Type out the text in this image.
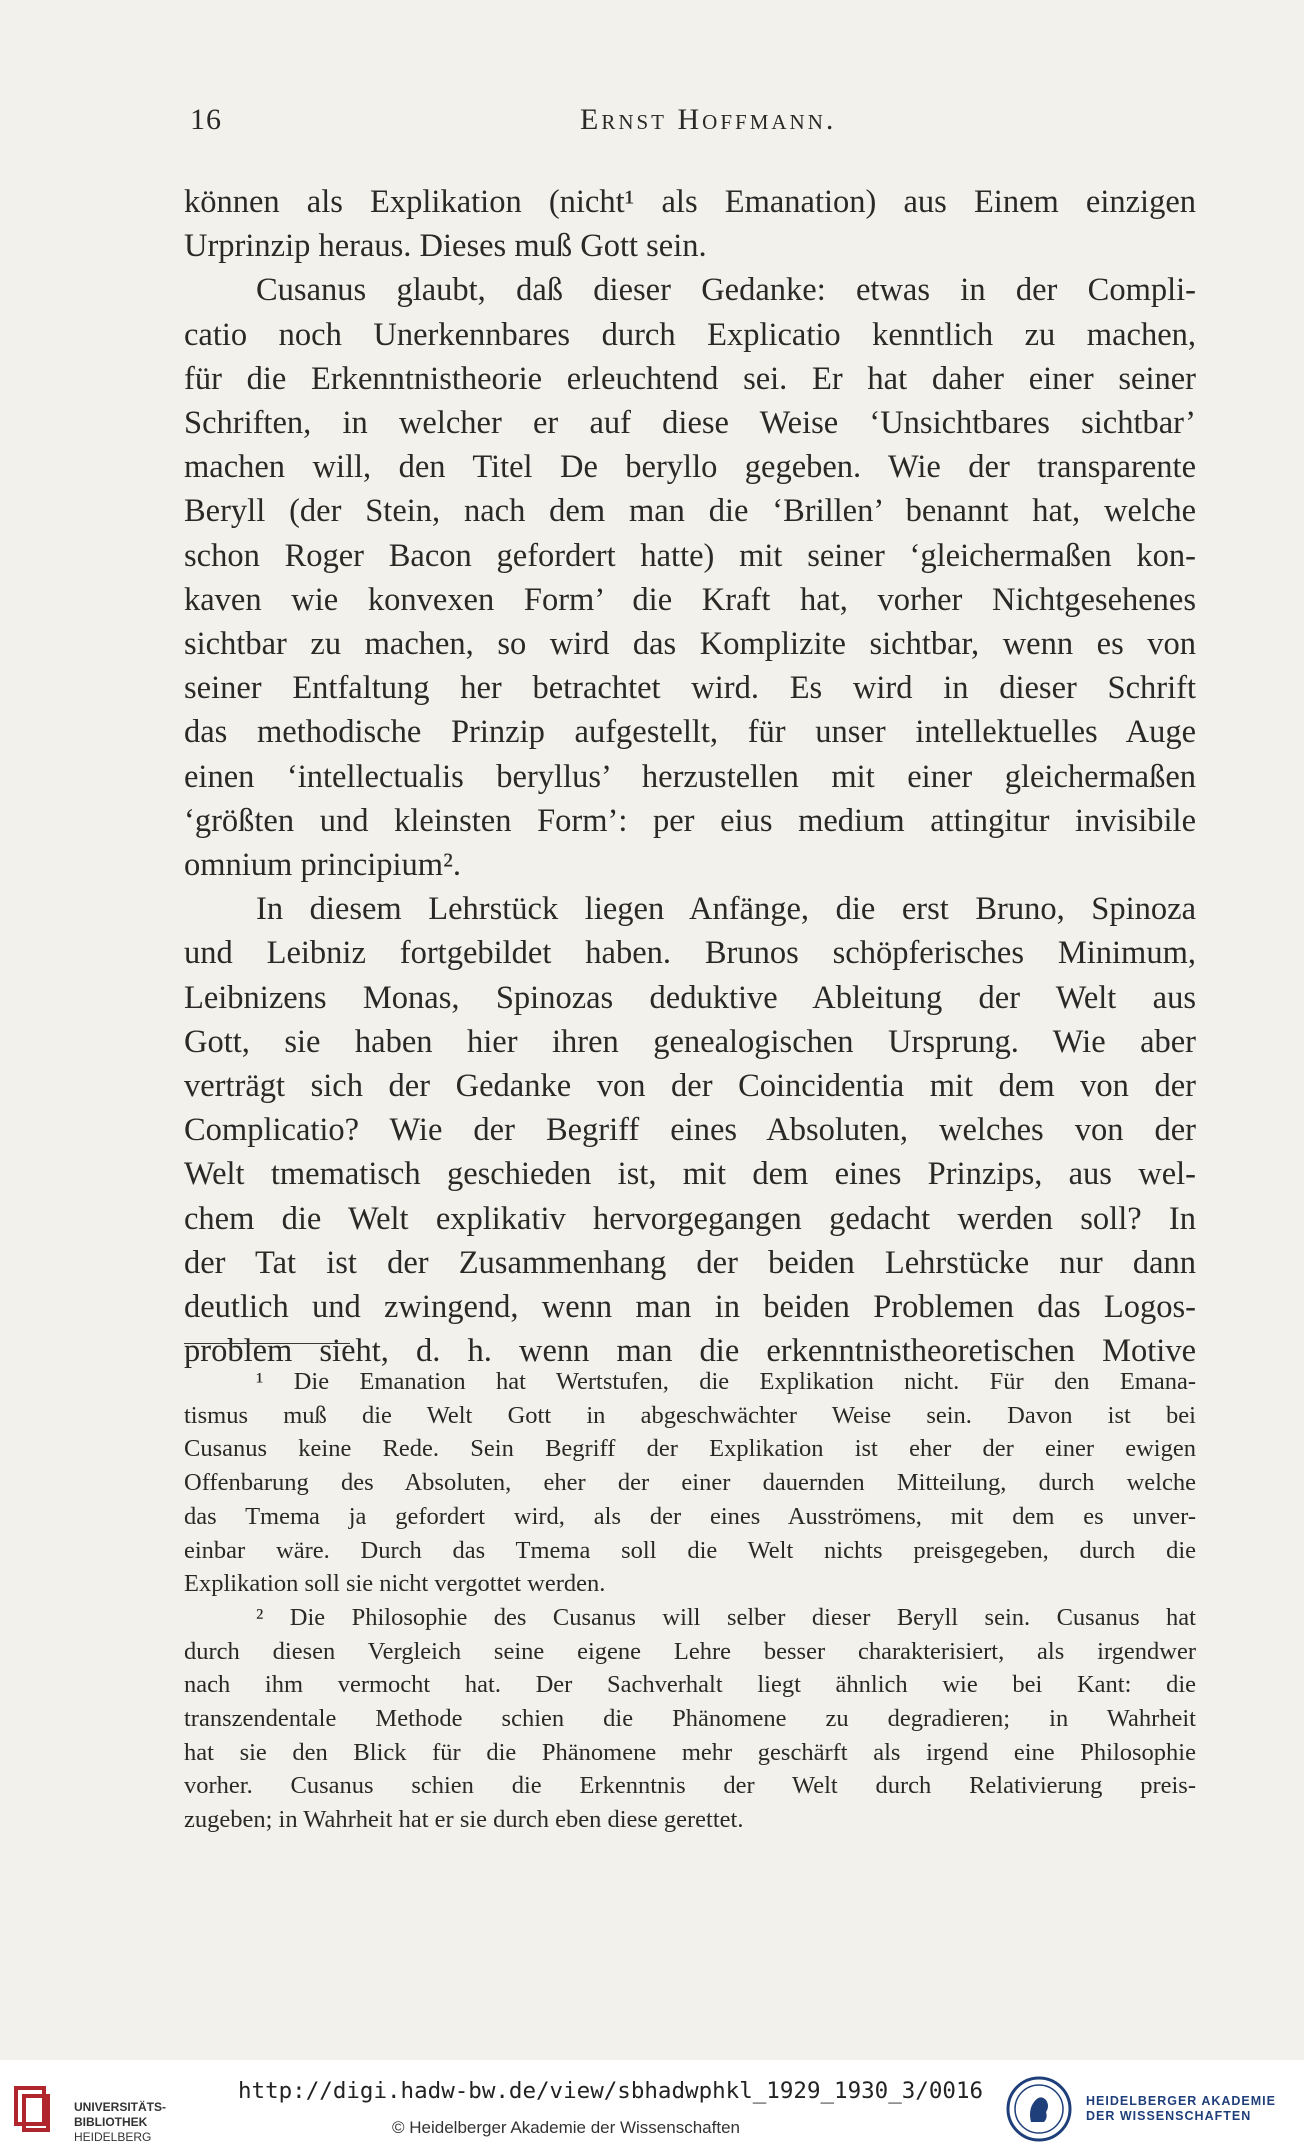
16	Ernst Hoffmann.
können als Explikation (nicht¹ als Emanation) aus Einem einzigen
Urprinzip heraus. Dieses muß Gott sein.
Cusanus glaubt, daß dieser Gedanke: etwas in der Compli-
catio noch Unerkennbares durch Explicatio kenntlich zu machen,
für die Erkenntnistheorie erleuchtend sei. Er hat daher einer seiner
Schriften, in welcher er auf diese Weise ‘Unsichtbares sichtbar’
machen will, den Titel De beryllo gegeben. Wie der transparente
Beryll (der Stein, nach dem man die ‘Brillen’ benannt hat, welche
schon Roger Bacon gefordert hatte) mit seiner ‘gleichermaßen kon-
kaven wie konvexen Form’ die Kraft hat, vorher Nichtgesehenes
sichtbar zu machen, so wird das Komplizite sichtbar, wenn es von
seiner Entfaltung her betrachtet wird. Es wird in dieser Schrift
das methodische Prinzip aufgestellt, für unser intellektuelles Auge
einen ‘intellectualis beryllus’ herzustellen mit einer gleichermaßen
‘größten und kleinsten Form’: per eius medium attingitur invisibile
omnium principium².
In diesem Lehrstück liegen Anfänge, die erst Bruno, Spinoza
und Leibniz fortgebildet haben. Brunos schöpferisches Minimum,
Leibnizens Monas, Spinozas deduktive Ableitung der Welt aus
Gott, sie haben hier ihren genealogischen Ursprung. Wie aber
verträgt sich der Gedanke von der Coincidentia mit dem von der
Complicatio? Wie der Begriff eines Absoluten, welches von der
Welt tmematisch geschieden ist, mit dem eines Prinzips, aus wel-
chem die Welt explikativ hervorgegangen gedacht werden soll? In
der Tat ist der Zusammenhang der beiden Lehrstücke nur dann
deutlich und zwingend, wenn man in beiden Problemen das Logos-
problem sieht, d. h. wenn man die erkenntnistheoretischen Motive
¹ Die Emanation hat Wertstufen, die Explikation nicht. Für den Emana-
tismus muß die Welt Gott in abgeschwächter Weise sein. Davon ist bei
Cusanus keine Rede. Sein Begriff der Explikation ist eher der einer ewigen
Offenbarung des Absoluten, eher der einer dauernden Mitteilung, durch welche
das Tmema ja gefordert wird, als der eines Ausströmens, mit dem es unver-
einbar wäre. Durch das Tmema soll die Welt nichts preisgegeben, durch die
Explikation soll sie nicht vergottet werden.
² Die Philosophie des Cusanus will selber dieser Beryll sein. Cusanus hat
durch diesen Vergleich seine eigene Lehre besser charakterisiert, als irgendwer
nach ihm vermocht hat. Der Sachverhalt liegt ähnlich wie bei Kant: die
transzendentale Methode schien die Phänomene zu degradieren; in Wahrheit
hat sie den Blick für die Phänomene mehr geschärft als irgend eine Philosophie
vorher. Cusanus schien die Erkenntnis der Welt durch Relativierung preis-
zugeben; in Wahrheit hat er sie durch eben diese gerettet.
UNIVERSITÄTS-
BIBLIOTHEK
HEIDELBERG
http://digi.hadw-bw.de/view/sbhadwphkl_1929_1930_3/0016
© Heidelberger Akademie der Wissenschaften
HEIDELBERGER AKADEMIE
DER WISSENSCHAFTEN
